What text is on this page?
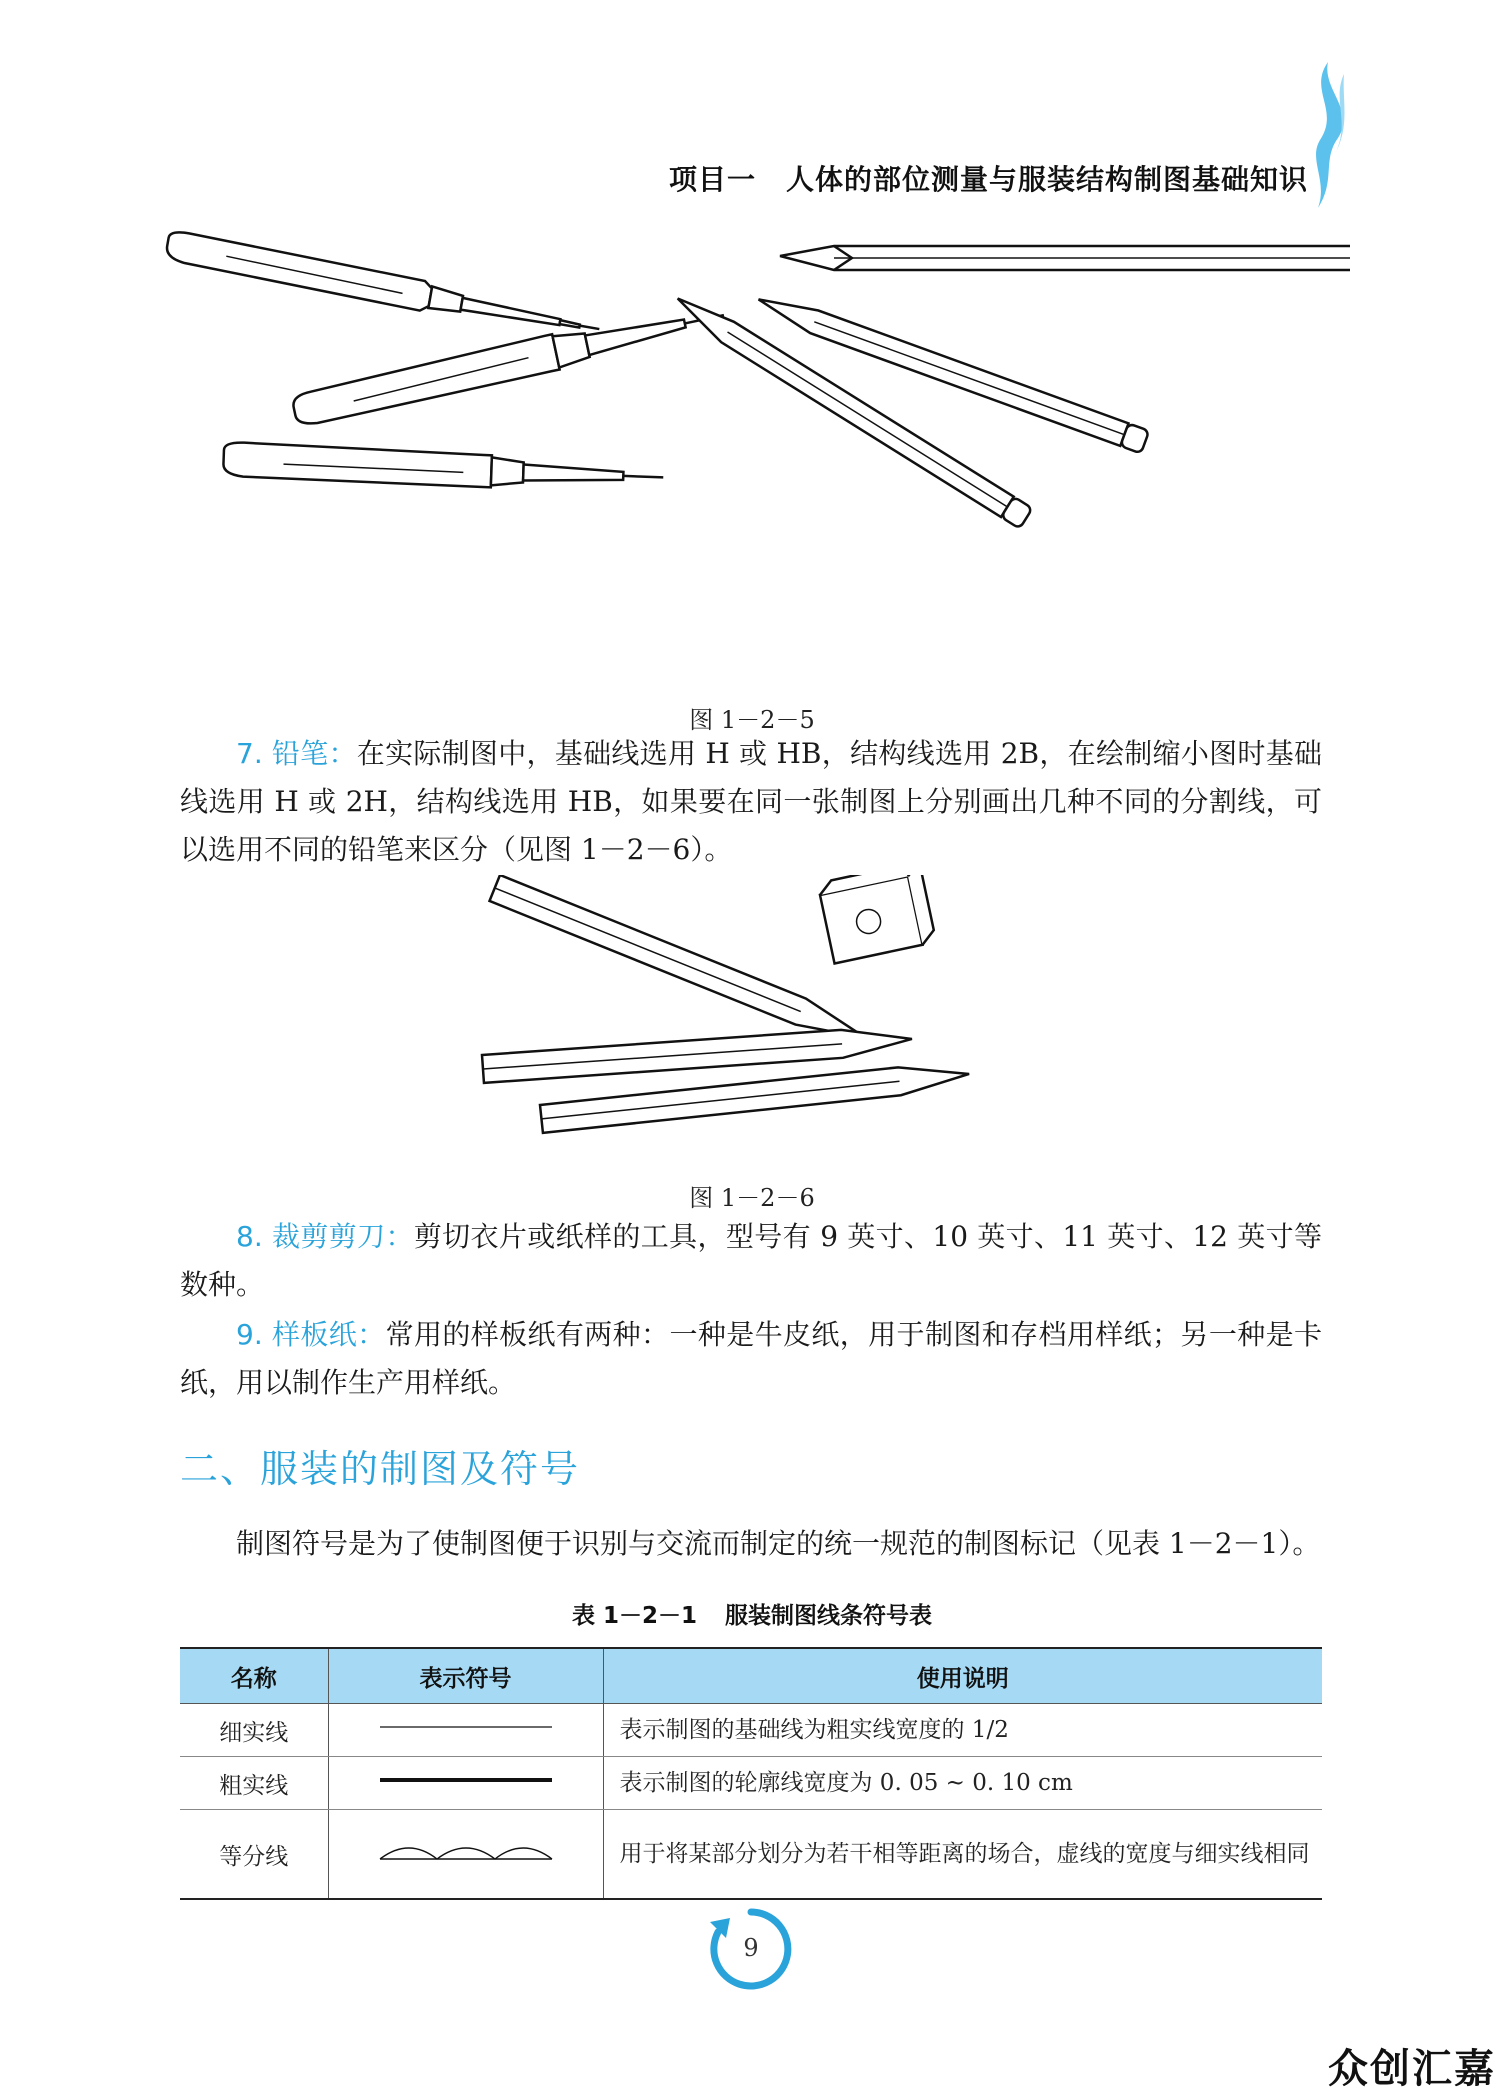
项目一 人体的部位测量与服装结构制图基础知识
图 1－2－5
7. 铅笔：在实际制图中，基础线选用 H 或 HB，结构线选用 2B，在绘制缩小图时基础线选用 H 或 2H，结构线选用 HB，如果要在同一张制图上分别画出几种不同的分割线，可以选用不同的铅笔来区分（见图 1－2－6）。
图 1－2－6
8. 裁剪剪刀：剪切衣片或纸样的工具，型号有 9 英寸、10 英寸、11 英寸、12 英寸等数种。
9. 样板纸：常用的样板纸有两种：一种是牛皮纸，用于制图和存档用样纸；另一种是卡纸，用以制作生产用样纸。
二、服装的制图及符号
制图符号是为了使制图便于识别与交流而制定的统一规范的制图标记（见表 1－2－1）。
表 1－2－1 服装制图线条符号表
名称	表示符号	使用说明
细实线		表示制图的基础线为粗实线宽度的 1/2
粗实线		表示制图的轮廓线宽度为 0. 05 ~ 0. 10 cm
等分线		用于将某部分划分为若干相等距离的场合，虚线的宽度与细实线相同
9
众创汇嘉
